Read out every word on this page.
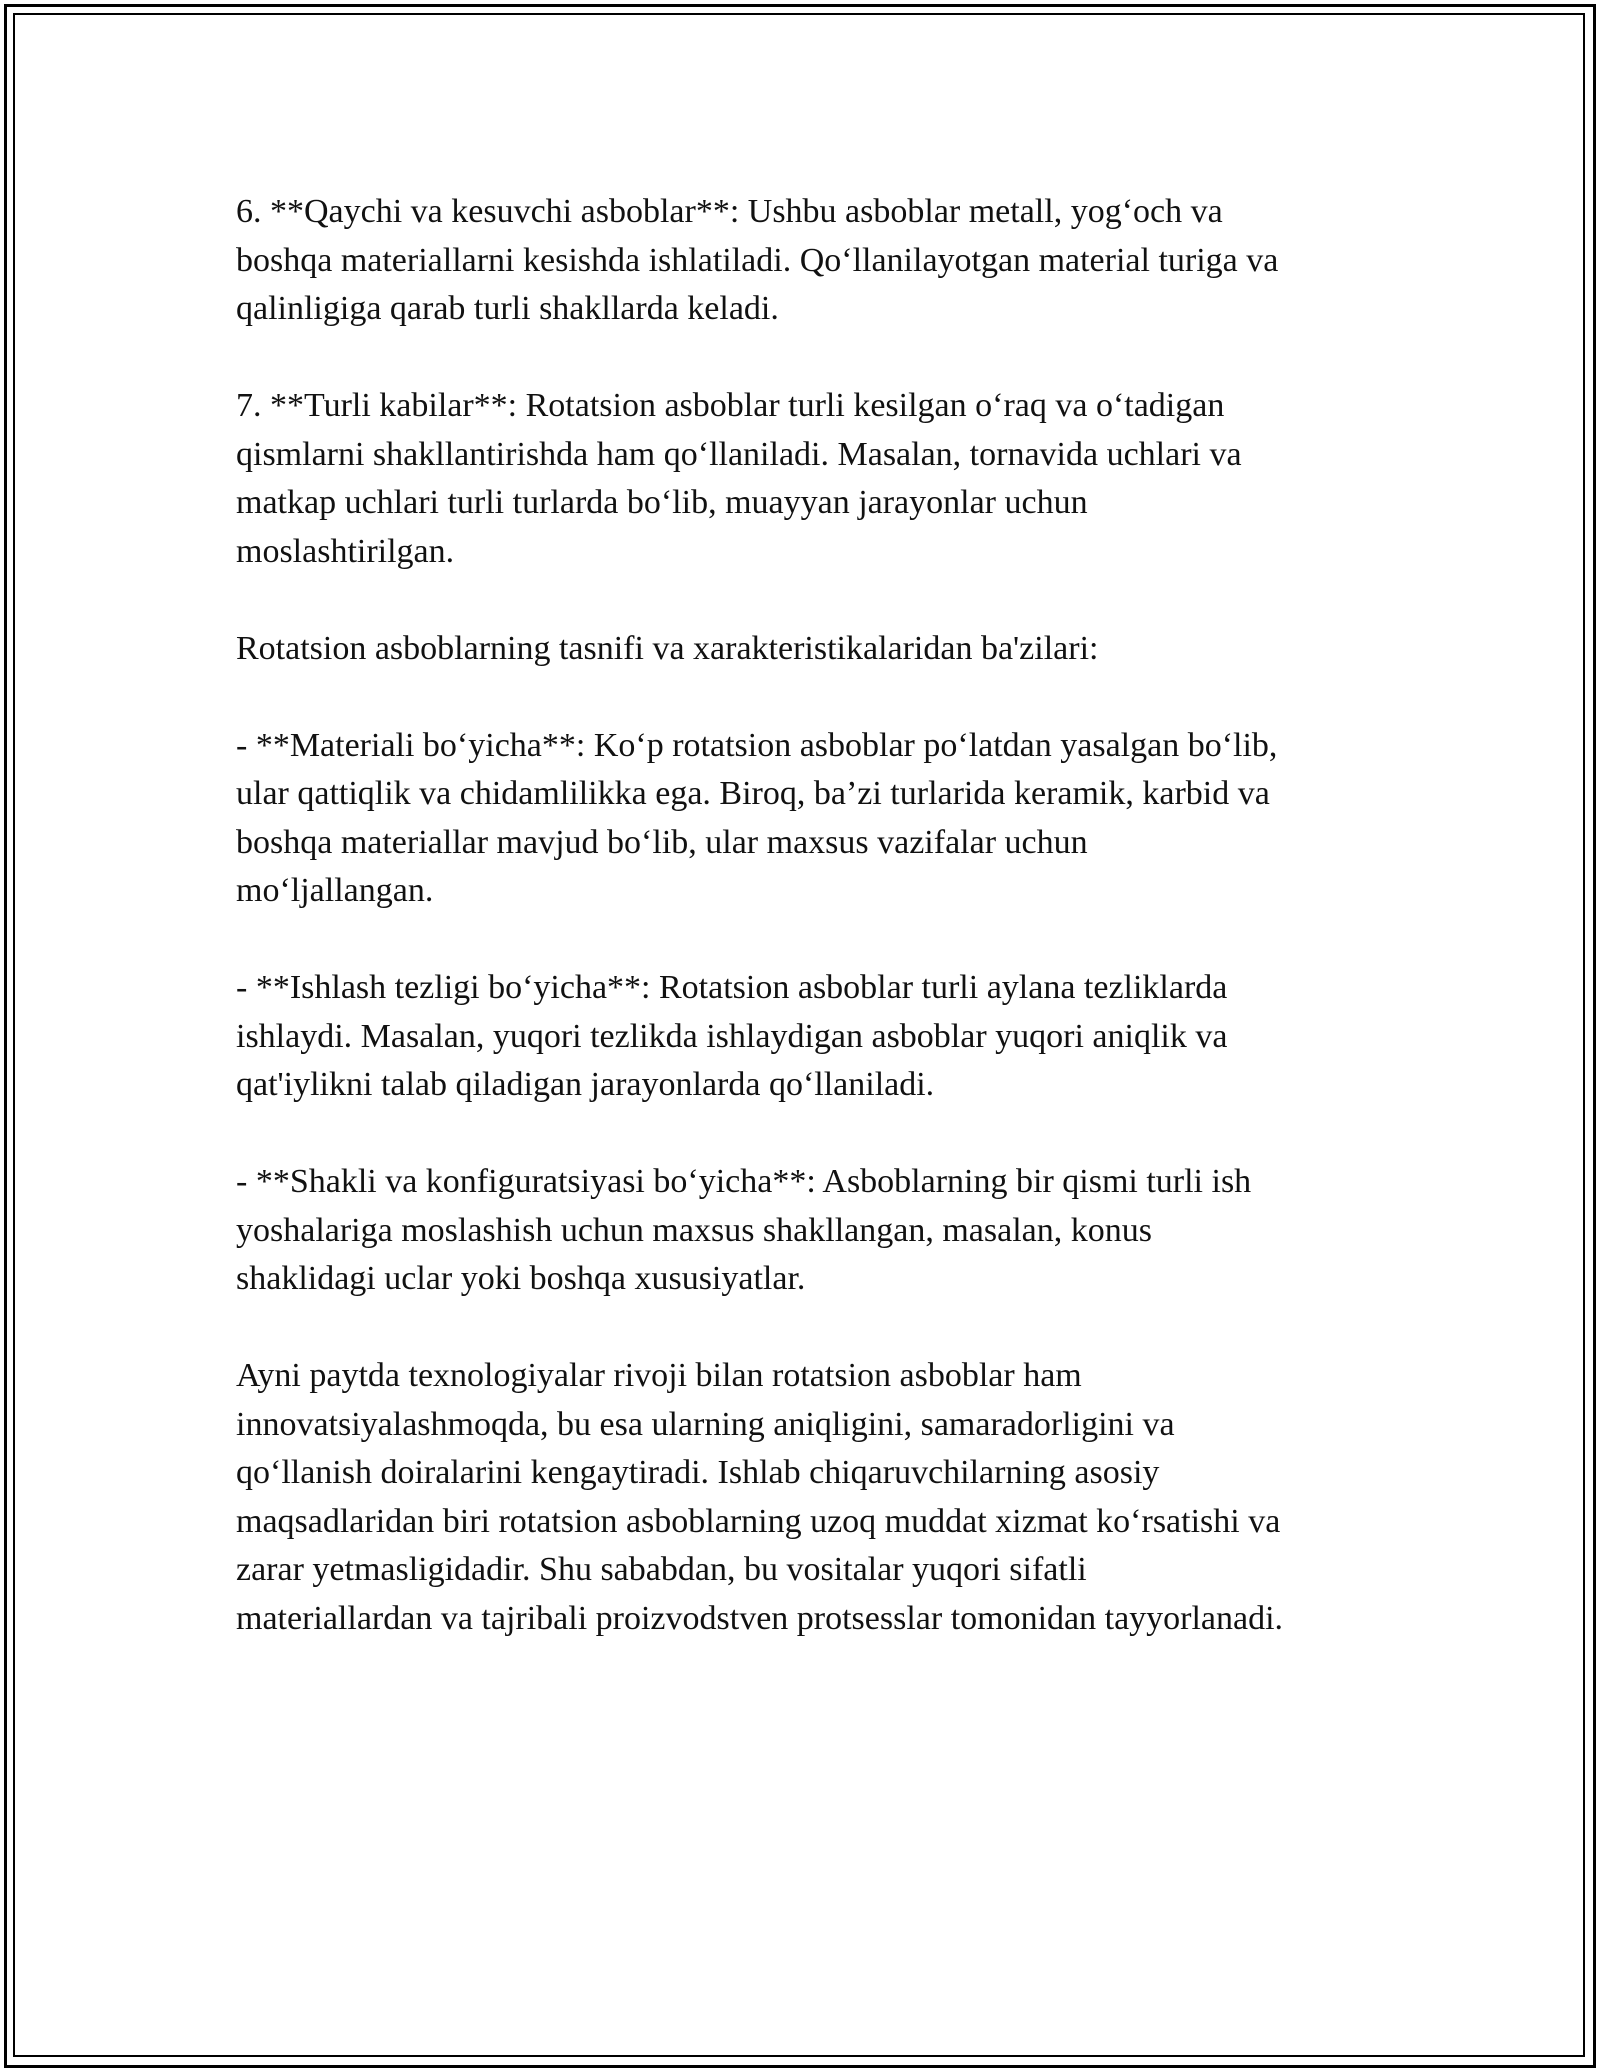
6. **Qaychi va kesuvchi asboblar**: Ushbu asboblar metall, yog‘och va
boshqa materiallarni kesishda ishlatiladi. Qo‘llanilayotgan material turiga va
qalinligiga qarab turli shakllarda keladi.

7. **Turli kabilar**: Rotatsion asboblar turli kesilgan o‘raq va o‘tadigan
qismlarni shakllantirishda ham qo‘llaniladi. Masalan, tornavida uchlari va
matkap uchlari turli turlarda bo‘lib, muayyan jarayonlar uchun
moslashtirilgan.

Rotatsion asboblarning tasnifi va xarakteristikalaridan ba'zilari:

- **Materiali bo‘yicha**: Ko‘p rotatsion asboblar po‘latdan yasalgan bo‘lib,
ular qattiqlik va chidamlilikka ega. Biroq, ba’zi turlarida keramik, karbid va
boshqa materiallar mavjud bo‘lib, ular maxsus vazifalar uchun
mo‘ljallangan.

- **Ishlash tezligi bo‘yicha**: Rotatsion asboblar turli aylana tezliklarda
ishlaydi. Masalan, yuqori tezlikda ishlaydigan asboblar yuqori aniqlik va
qat'iylikni talab qiladigan jarayonlarda qo‘llaniladi.

- **Shakli va konfiguratsiyasi bo‘yicha**: Asboblarning bir qismi turli ish
yoshalariga moslashish uchun maxsus shakllangan, masalan, konus
shaklidagi uclar yoki boshqa xususiyatlar.

Ayni paytda texnologiyalar rivoji bilan rotatsion asboblar ham
innovatsiyalashmoqda, bu esa ularning aniqligini, samaradorligini va
qo‘llanish doiralarini kengaytiradi. Ishlab chiqaruvchilarning asosiy
maqsadlaridan biri rotatsion asboblarning uzoq muddat xizmat ko‘rsatishi va
zarar yetmasligidadir. Shu sababdan, bu vositalar yuqori sifatli
materiallardan va tajribali proizvodstven protsesslar tomonidan tayyorlanadi.
